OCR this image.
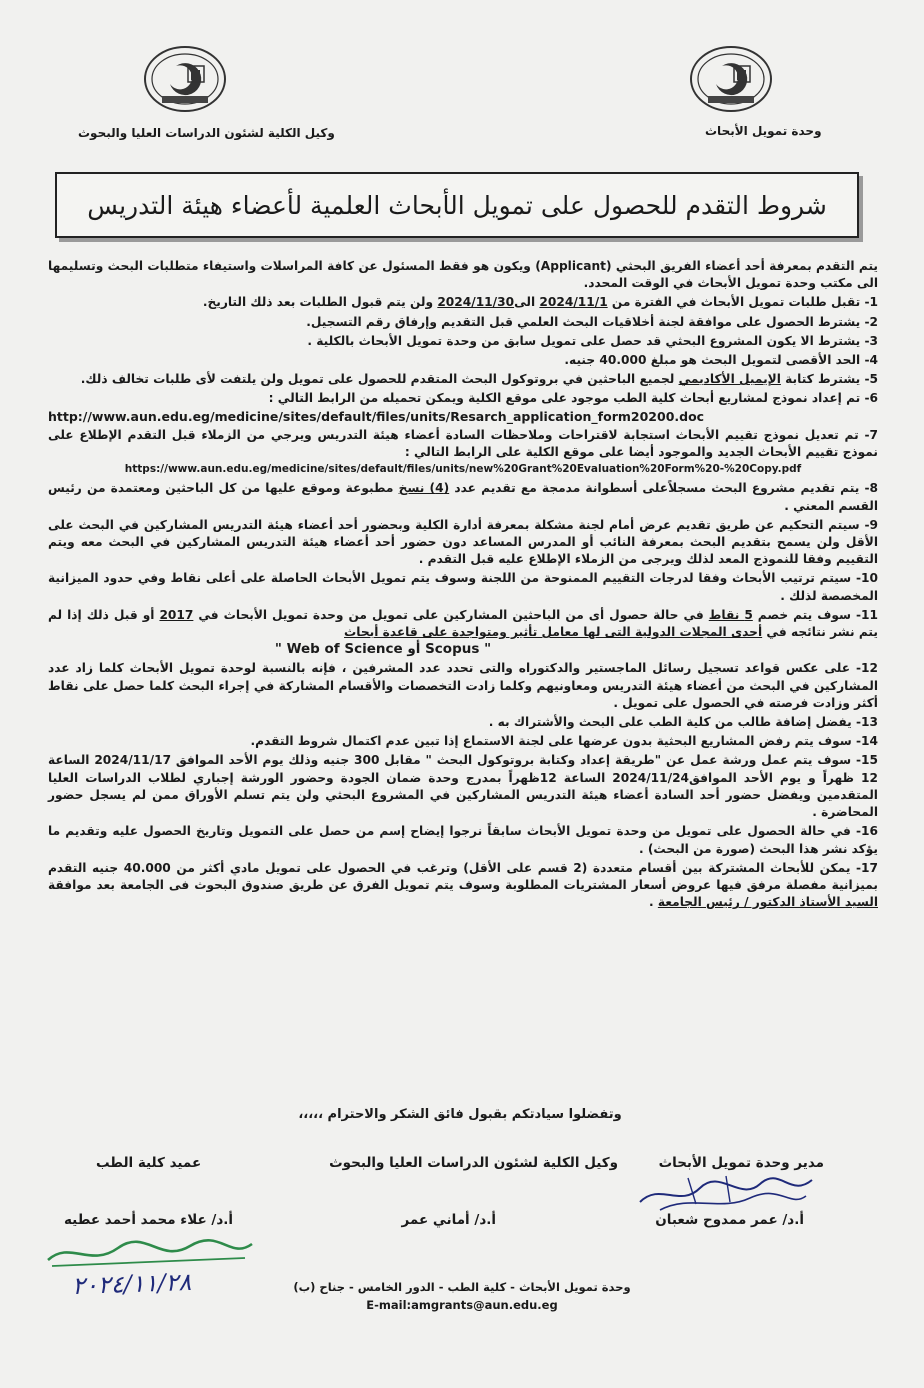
وحدة تمويل الأبحاث
وكيل الكلية لشئون الدراسات العليا والبحوث
شروط التقدم للحصول على تمويل الأبحاث العلمية لأعضاء هيئة التدريس

يتم التقدم بمعرفة أحد أعضاء الفريق البحثي (Applicant) ويكون هو فقط المسئول عن كافة المراسلات واستيفاء متطلبات البحث وتسليمها الى مكتب وحدة تمويل الأبحاث في الوقت المحدد.

1- تقبل طلبات تمويل الأبحاث في الفترة من 2024/11/1 الى2024/11/30 ولن يتم قبول الطلبات بعد ذلك التاريخ.

2- يشترط الحصول على موافقة لجنة أخلاقيات البحث العلمي قبل التقديم وإرفاق رقم التسجيل.

3- يشترط الا يكون المشروع البحثي قد حصل على تمويل سابق من وحدة تمويل الأبحاث بالكلية .

4- الحد الأقصى لتمويل البحث هو مبلغ 40.000 جنيه.

5- يشترط كتابة الإيميل الأكاديمي لجميع الباحثين في بروتوكول البحث المتقدم للحصول على تمويل ولن يلتفت لأى طلبات تخالف ذلك.

6- تم إعداد نموذج لمشاريع أبحاث كلية الطب موجود على موقع الكلية ويمكن تحميله من الرابط التالي :
http://www.aun.edu.eg/medicine/sites/default/files/units/Resarch_application_form20200.doc

7- تم تعديل نموذج تقييم الأبحاث استجابة لاقتراحات وملاحظات السادة أعضاء هيئة التدريس ويرجي من الزملاء قبل التقدم الإطلاع على نموذج تقييم الأبحاث الجديد والموجود أيضا على موقع الكلية على الرابط التالي :
https://www.aun.edu.eg/medicine/sites/default/files/units/new%20Grant%20Evaluation%20Form%20-%20Copy.pdf

8- يتم تقديم مشروع البحث مسجلاًعلى أسطوانة مدمجة مع تقديم عدد (4) نسخ مطبوعة وموقع عليها من كل الباحثين ومعتمدة من رئيس القسم المعني .

9- سيتم التحكيم عن طريق تقديم عرض أمام لجنة مشكلة بمعرفة أدارة الكلية وبحضور أحد أعضاء هيئة التدريس المشاركين في البحث على الأقل ولن يسمح بتقديم البحث بمعرفة النائب أو المدرس المساعد دون حضور أحد أعضاء هيئة التدريس المشاركين في البحث معه ويتم التقييم وفقا للنموذج المعد لذلك ويرجى من الزملاء الإطلاع عليه قبل التقدم .

10- سيتم ترتيب الأبحاث وفقا لدرجات التقييم الممنوحة من اللجنة وسوف يتم تمويل الأبحاث الحاصلة على أعلى نقاط وفي حدود الميزانية المخصصة لذلك .

11- سوف يتم خصم 5 نقاط في حالة حصول أى من الباحثين المشاركين على تمويل من وحدة تمويل الأبحاث في 2017 أو قبل ذلك إذا لم يتم نشر نتائجه في أحدى المجلات الدولية التى لها معامل تأثير ومتواجدة على قاعدة أبحاث
" Scopus أو Web of Science "

12- على عكس قواعد تسجيل رسائل الماجستير والدكتوراه والتى تحدد عدد المشرفين ، فإنه بالنسبة لوحدة تمويل الأبحاث كلما زاد عدد المشاركين في البحث من أعضاء هيئة التدريس ومعاونيهم وكلما زادت التخصصات والأقسام المشاركة في إجراء البحث كلما حصل على نقاط أكثر وزادت فرصته في الحصول على تمويل .

13- يفضل إضافة طالب من كلية الطب على البحث والأشتراك به .

14- سوف يتم رفض المشاريع البحثية بدون عرضها على لجنة الاستماع إذا تبين عدم اكتمال شروط التقدم.

15- سوف يتم عمل ورشة عمل عن "طريقة إعداد وكتابة بروتوكول البحث " مقابل 300 جنيه وذلك يوم الأحد الموافق 2024/11/17 الساعة 12 ظهراً و يوم الأحد الموافق2024/11/24 الساعة 12ظهراً بمدرج وحدة ضمان الجودة وحضور الورشة إجباري لطلاب الدراسات العليا المتقدمين ويفضل حضور أحد السادة أعضاء هيئة التدريس المشاركين في المشروع البحثي ولن يتم تسلم الأوراق ممن لم يسجل حضور المحاضرة .

16- في حالة الحصول على تمويل من وحدة تمويل الأبحاث سابقاً نرجوا إيضاح إسم من حصل على التمويل وتاريخ الحصول عليه وتقديم ما يؤكد نشر هذا البحث (صورة من البحث) .

17- يمكن للأبحاث المشتركة بين أقسام متعددة (2 قسم على الأقل) وترغب في الحصول على تمويل مادي أكثر من 40.000 جنيه التقدم بميزانية مفصلة مرفق فيها عروض أسعار المشتريات المطلوبة وسوف يتم تمويل الفرق عن طريق صندوق البحوث فى الجامعة بعد موافقة السيد الأستاذ الدكتور / رئيس الجامعة .

وتفضلوا سيادتكم بقبول فائق الشكر والاحترام ،،،،،
مدير وحدة تمويل الأبحاث
وكيل الكلية لشئون الدراسات العليا والبحوث
عميد كلية الطب
أ.د/ عمر ممدوح شعبان
أ.د/ أماني عمر
أ.د/ علاء محمد أحمد عطيه
٢٠٢٤/١١/٢٨	وحدة تمويل الأبحاث - كلية الطب - الدور الخامس - جناح (ب)
E-mail:amgrants@aun.edu.eg
